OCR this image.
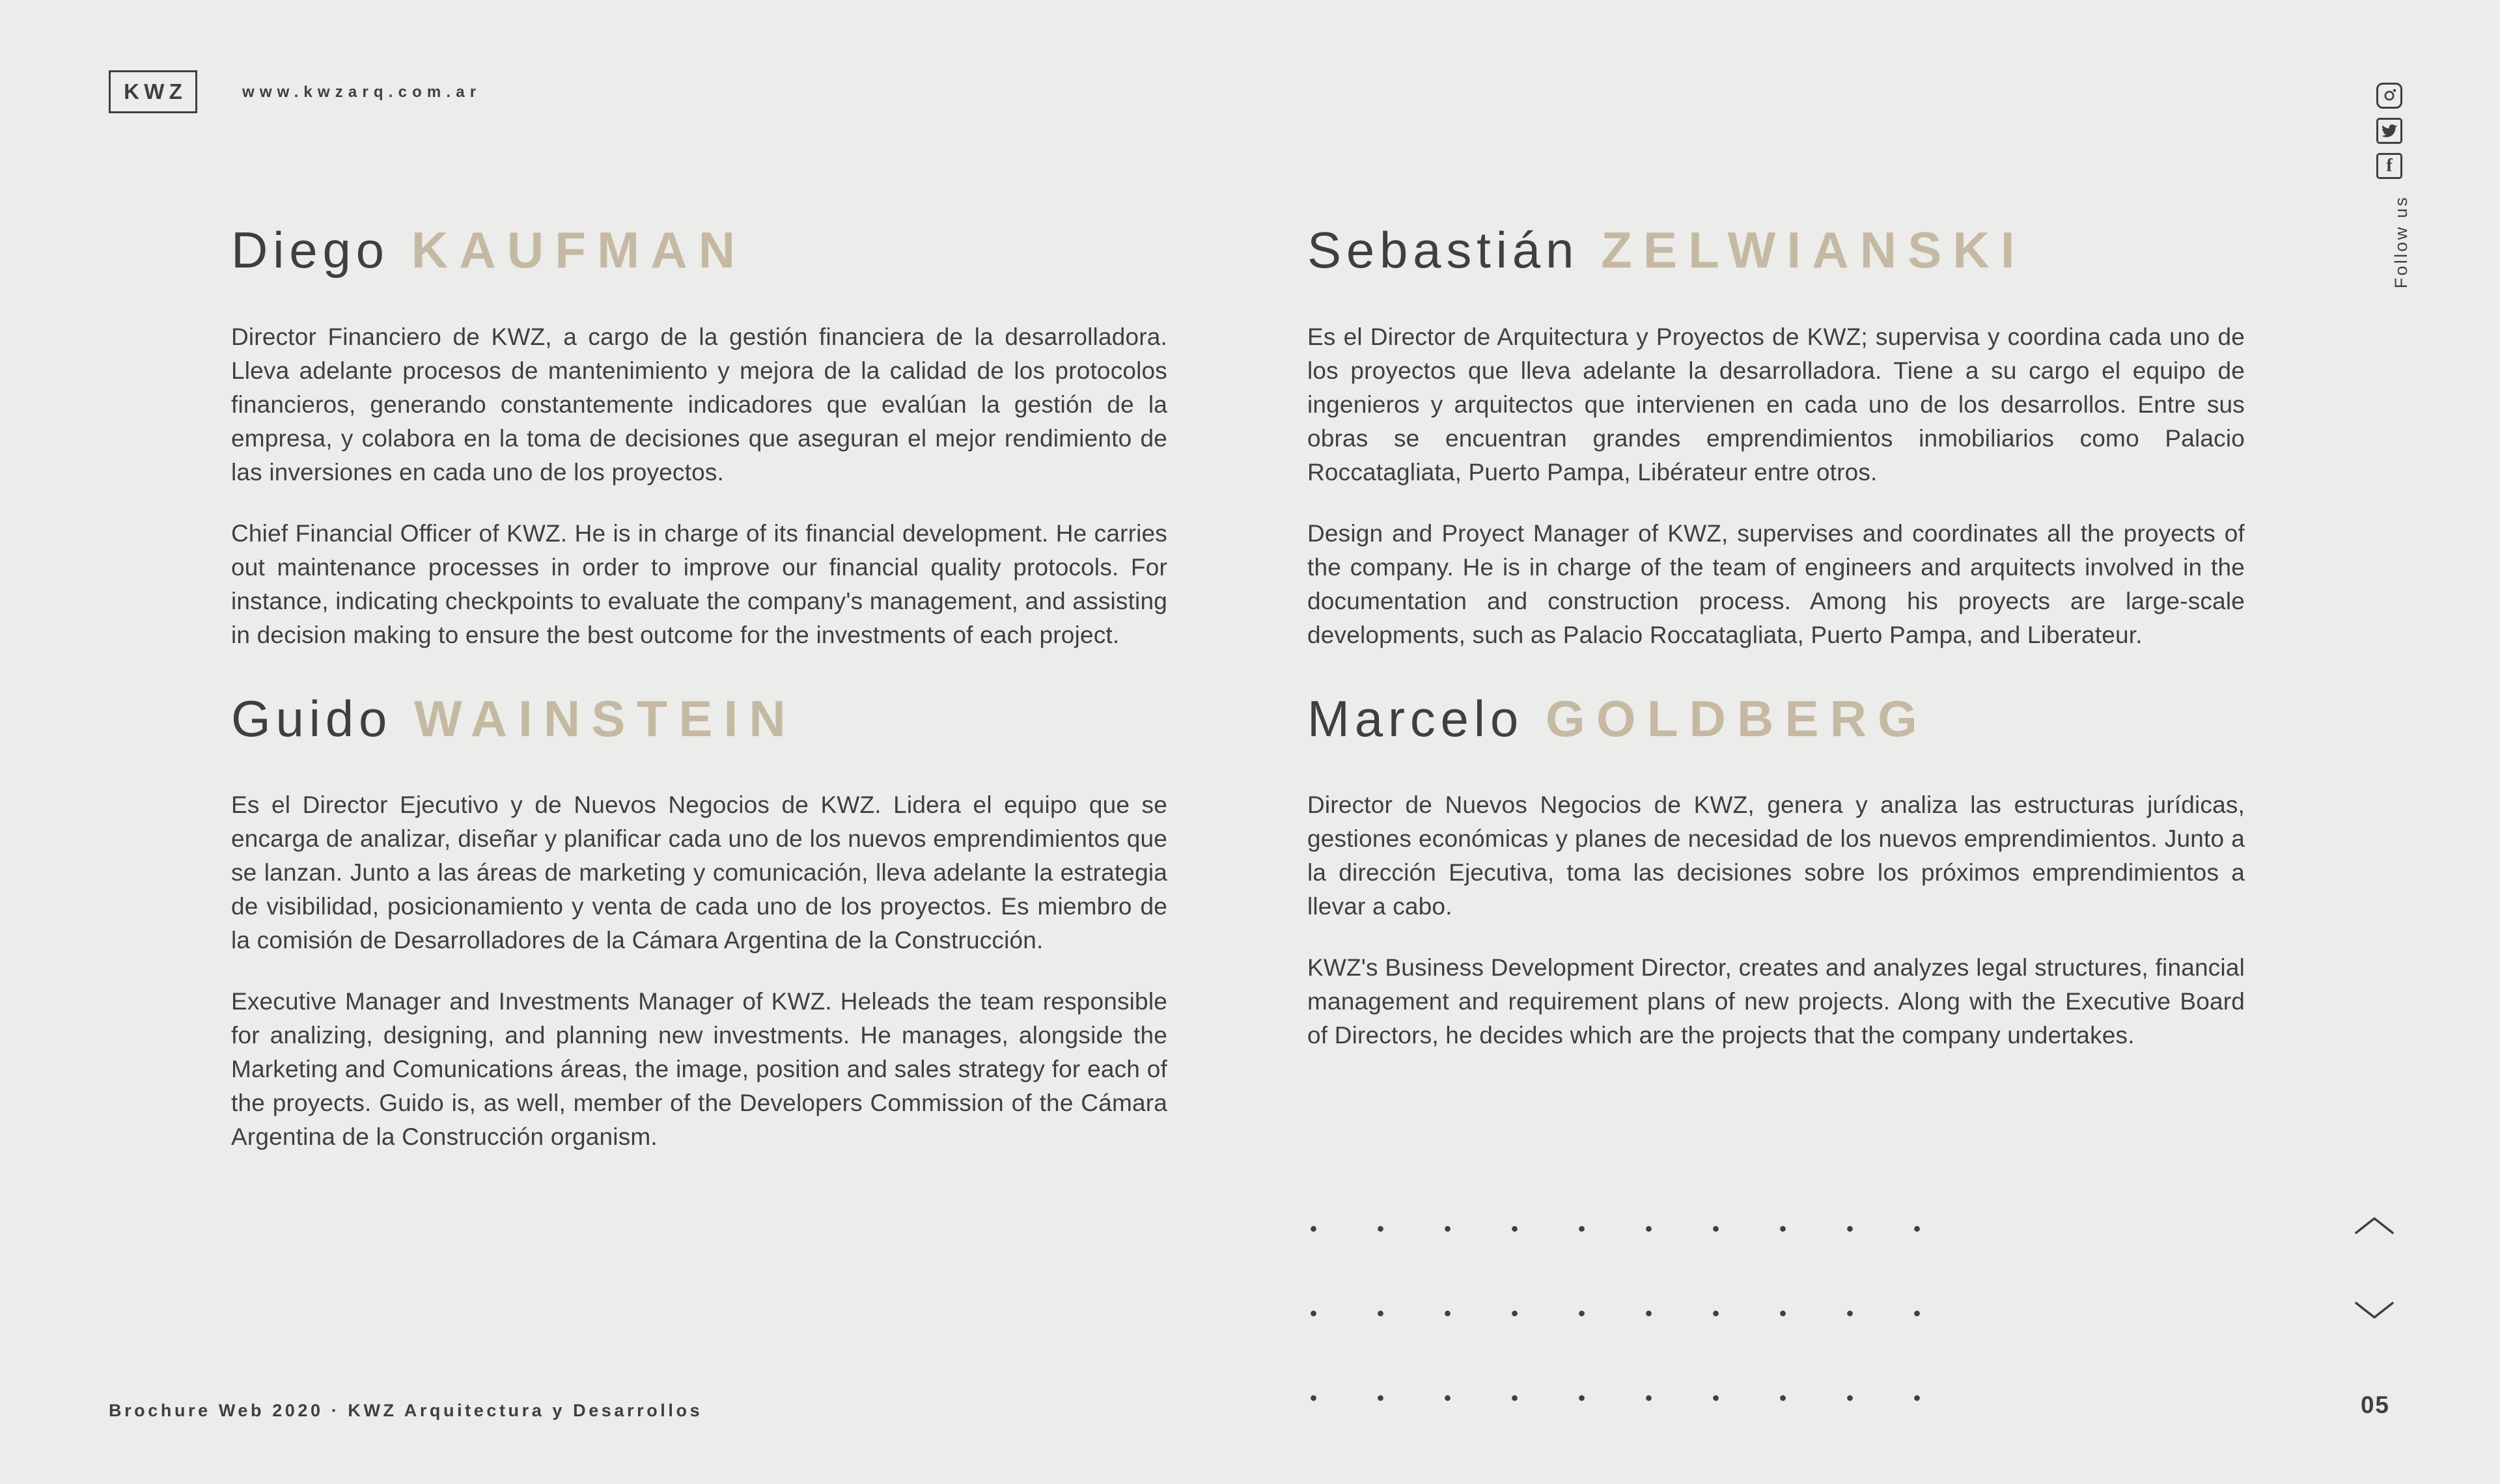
KWZ	www.kwzarq.com.ar
f
Follow us
Diego KAUFMAN

Director Financiero de KWZ, a cargo de la gestión financiera de la desarrolladora. Lleva adelante procesos de mantenimiento y mejora de la calidad de los protocolos financieros, generando constantemente indicadores que evalúan la gestión de la empresa, y colabora en la toma de decisiones que aseguran el mejor rendimiento de las inversiones en cada uno de los proyectos.

Chief Financial Officer of KWZ. He is in charge of its financial development. He carries out maintenance processes in order to improve our financial quality protocols. For instance, indicating checkpoints to evaluate the company's management, and assisting in decision making to ensure the best outcome for the investments of each project.

Sebastián ZELWIANSKI

Es el Director de Arquitectura y Proyectos de KWZ; supervisa y coordina cada uno de los proyectos que lleva adelante la desarrolladora. Tiene a su cargo el equipo de ingenieros y arquitectos que intervienen en cada uno de los desarrollos. Entre sus obras se encuentran grandes emprendimientos inmobiliarios como Palacio Roccatagliata, Puerto Pampa, Libérateur entre otros.

Design and Proyect Manager of KWZ, supervises and coordinates all the proyects of the company. He is in charge of the team of engineers and arquitects involved in the documentation and construction process. Among his proyects are large-scale developments, such as Palacio Roccatagliata, Puerto Pampa, and Liberateur.

Guido WAINSTEIN

Es el Director Ejecutivo y de Nuevos Negocios de KWZ. Lidera el equipo que se encarga de analizar, diseñar y planificar cada uno de los nuevos emprendimientos que se lanzan. Junto a las áreas de marketing y comunicación, lleva adelante la estrategia de visibilidad, posicionamiento y venta de cada uno de los proyectos. Es miembro de la comisión de Desarrolladores de la Cámara Argentina de la Construcción.

Executive Manager and Investments Manager of KWZ. Heleads the team responsible for analizing, designing, and planning new investments. He manages, alongside the Marketing and Comunications áreas, the image, position and sales strategy for each of the proyects. Guido is, as well, member of the Developers Commission of the Cámara Argentina de la Construcción organism.

Marcelo GOLDBERG

Director de Nuevos Negocios de KWZ, genera y analiza las estructuras jurídicas, gestiones económicas y planes de necesidad de los nuevos emprendimientos. Junto a la dirección Ejecutiva, toma las decisiones sobre los próximos emprendimientos a llevar a cabo.

KWZ's Business Development Director, creates and analyzes legal structures, financial management and requirement plans of new projects. Along with the Executive Board of Directors, he decides which are the projects that the company undertakes.

Brochure Web 2020 · KWZ Arquitectura y Desarrollos	05
